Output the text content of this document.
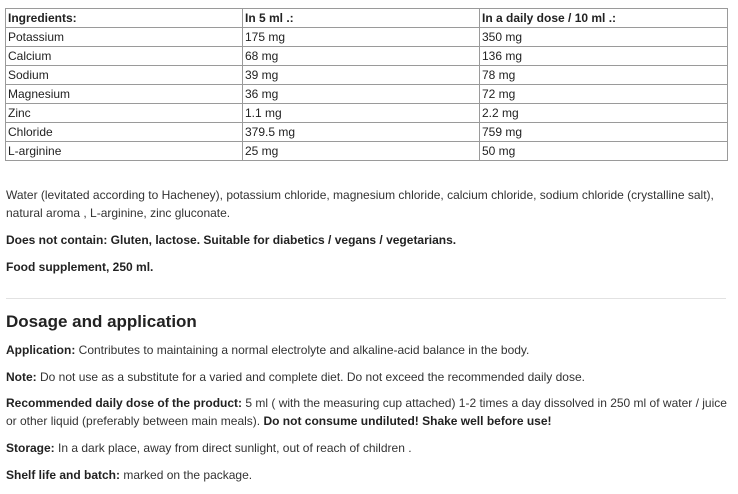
Ingredients:	In 5 ml .:	In a daily dose / 10 ml .:
Potassium	175 mg	350 mg
Calcium	68 mg	136 mg
Sodium	39 mg	78 mg
Magnesium	36 mg	72 mg
Zinc	1.1 mg	2.2 mg
Chloride	379.5 mg	759 mg
L-arginine	25 mg	50 mg

Water (levitated according to Hacheney), potassium chloride, magnesium chloride, calcium chloride, sodium chloride (crystalline salt), natural aroma , L-arginine, zinc gluconate.

Does not contain: Gluten, lactose. Suitable for diabetics / vegans / vegetarians.

Food supplement, 250 ml.

Dosage and application

Application: Contributes to maintaining a normal electrolyte and alkaline-acid balance in the body.

Note: Do not use as a substitute for a varied and complete diet. Do not exceed the recommended daily dose.

Recommended daily dose of the product: 5 ml ( with the measuring cup attached) 1-2 times a day dissolved in 250 ml of water / juice or other liquid (preferably between main meals). Do not consume undiluted! Shake well before use!

Storage: In a dark place, away from direct sunlight, out of reach of children .

Shelf life and batch: marked on the package.
